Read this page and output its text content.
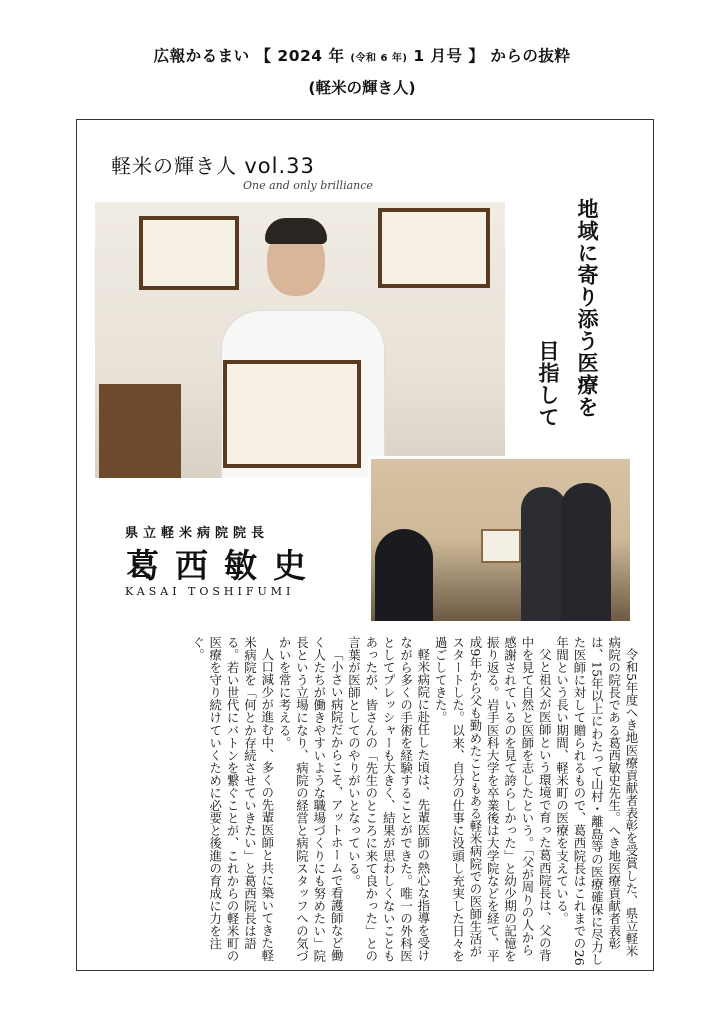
広報かるまい 【 2024 年 (令和 6 年) 1 月号 】 からの抜粋
(軽米の輝き人)
軽米の輝き人 vol.33
One and only brilliance
地域に寄り添う医療を
目指して
県立軽米病院院長
葛西敏史
KASAI TOSHIFUMI

令和5年度へき地医療貢献者表彰を受賞した、県立軽米病院の院長である葛西敏史先生。へき地医療貢献者表彰は、15年以上にわたって山村・離島等の医療確保に尽力した医師に対して贈られるもので、葛西院長はこれまでの26年間という長い期間、軽米町の医療を支えている。

父と祖父が医師という環境で育った葛西院長は、父の背中を見て自然と医師を志したという。「父が周りの人から感謝されているのを見て誇らしかった」と幼少期の記憶を振り返る。岩手医科大学を卒業後は大学院などを経て、平成9年から父も勤めたこともある軽米病院での医師生活がスタートした。以来、自分の仕事に没頭し充実した日々を過ごしてきた。

軽米病院に赴任した頃は、先輩医師の熱心な指導を受けながら多くの手術を経験することができた。唯一の外科医としてプレッシャーも大きく、結果が思わしくないこともあったが、皆さんの「先生のところに来て良かった」との言葉が医師としてのやりがいとなっている。

「小さい病院だからこそ、アットホームで看護師など働く人たちが働きやすいような職場づくりにも努めたい」院長という立場になり、病院の経営と病院スタッフへの気づかいを常に考える。

人口減少が進む中、多くの先輩医師と共に築いてきた軽米病院を「何とか存続させていきたい」と葛西院長は語る。若い世代にバトンを繋ぐことが、これからの軽米町の医療を守り続けていくために必要と後進の育成に力を注ぐ。
